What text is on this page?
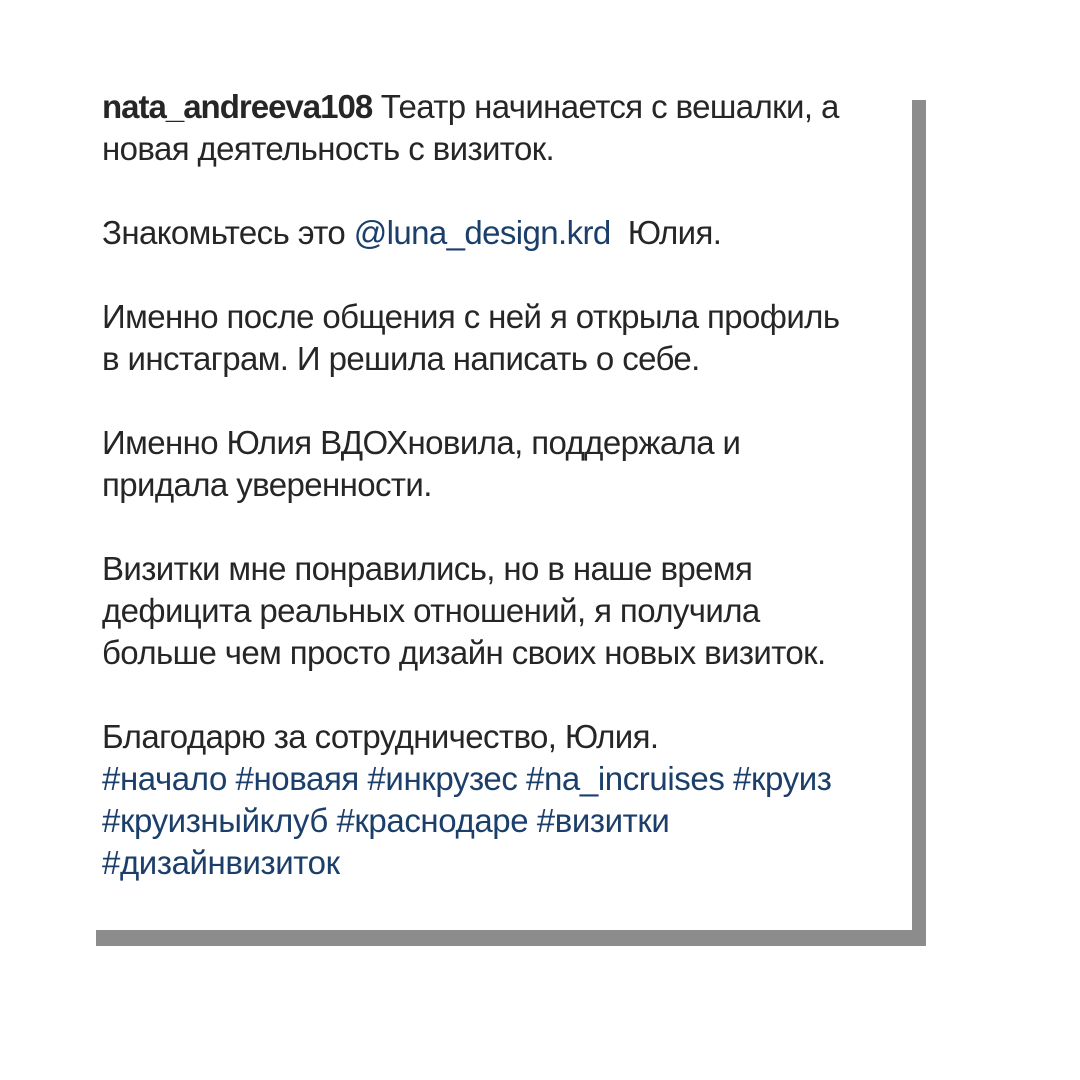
nata_andreeva108 Театр начинается с вешалки, а
новая деятельность с визиток.
Знакомьтесь это @luna_design.krd  Юлия.
Именно после общения с ней я открыла профиль
в инстаграм. И решила написать о себе.
Именно Юлия ВДОХновила, поддержала и
придала уверенности.
Визитки мне понравились, но в наше время
дефицита реальных отношений, я получила
больше чем просто дизайн своих новых визиток.
Благодарю за сотрудничество, Юлия.
#начало #новаяя #инкрузес #na_incruises #круиз
#круизныйклуб #краснодаре #визитки
#дизайнвизиток
